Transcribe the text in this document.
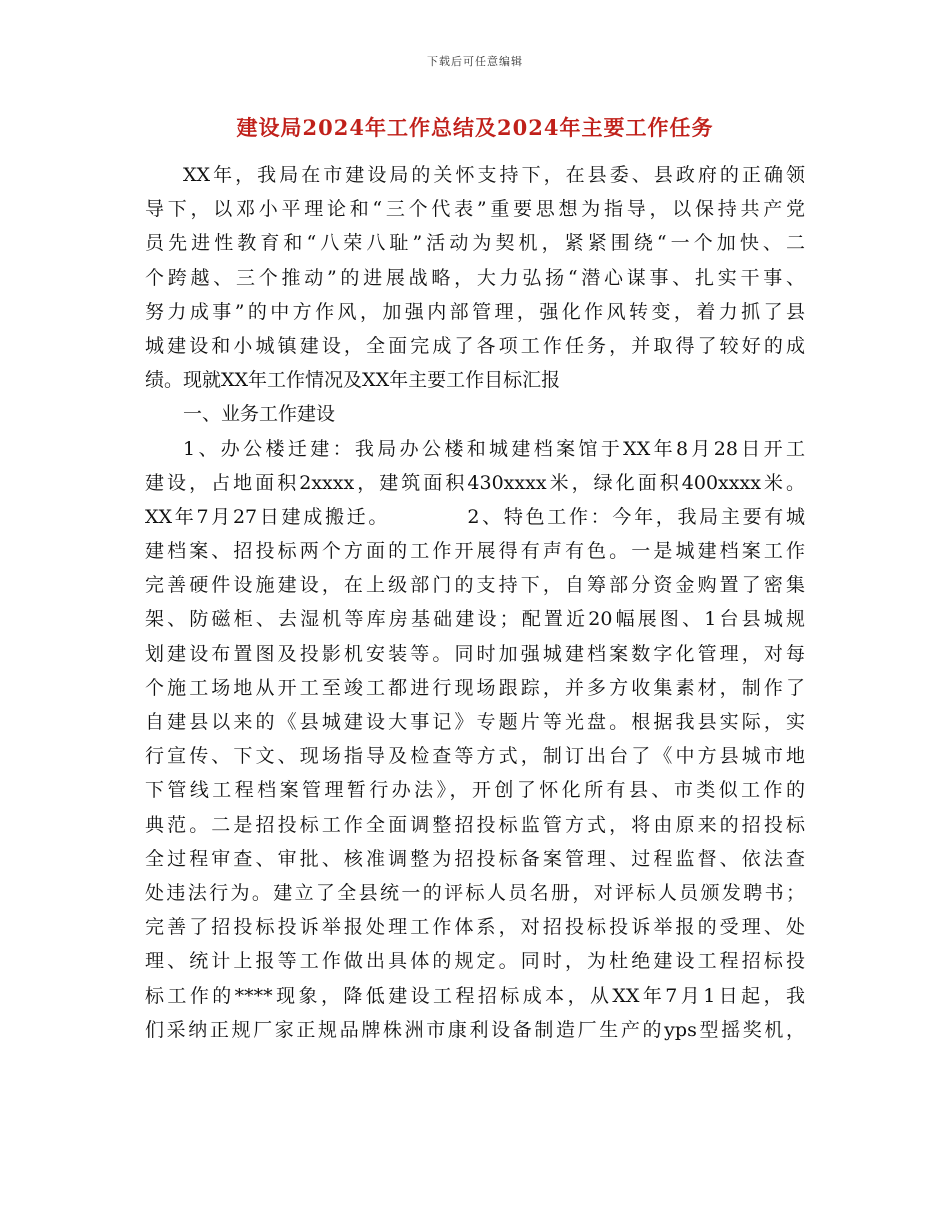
下载后可任意编辑
建设局2024年工作总结及2024年主要工作任务
XX年，我局在市建设局的关怀支持下，在县委、县政府的正确领
导下，以邓小平理论和“三个代表”重要思想为指导，以保持共产党
员先进性教育和“八荣八耻”活动为契机，紧紧围绕“一个加快、二
个跨越、三个推动”的进展战略，大力弘扬“潜心谋事、扎实干事、
努力成事”的中方作风，加强内部管理，强化作风转变，着力抓了县
城建设和小城镇建设，全面完成了各项工作任务，并取得了较好的成
绩。现就XX年工作情况及XX年主要工作目标汇报
一、业务工作建设
1、办公楼迁建：我局办公楼和城建档案馆于XX年8月28日开工
建设，占地面积2xxxx，建筑面积430xxxx米，绿化面积400xxxx米。
XX年7月27日建成搬迁。　　　　2、特色工作：今年，我局主要有城
建档案、招投标两个方面的工作开展得有声有色。一是城建档案工作
完善硬件设施建设，在上级部门的支持下，自筹部分资金购置了密集
架、防磁柜、去湿机等库房基础建设；配置近20幅展图、1台县城规
划建设布置图及投影机安装等。同时加强城建档案数字化管理，对每
个施工场地从开工至竣工都进行现场跟踪，并多方收集素材，制作了
自建县以来的《县城建设大事记》专题片等光盘。根据我县实际，实
行宣传、下文、现场指导及检查等方式，制订出台了《中方县城市地
下管线工程档案管理暂行办法》，开创了怀化所有县、市类似工作的
典范。二是招投标工作全面调整招投标监管方式，将由原来的招投标
全过程审查、审批、核准调整为招投标备案管理、过程监督、依法查
处违法行为。建立了全县统一的评标人员名册，对评标人员颁发聘书；
完善了招投标投诉举报处理工作体系，对招投标投诉举报的受理、处
理、统计上报等工作做出具体的规定。同时，为杜绝建设工程招标投
标工作的****现象，降低建设工程招标成本，从XX年7月1日起，我
们采纳正规厂家正规品牌株洲市康利设备制造厂生产的yps型摇奖机，
